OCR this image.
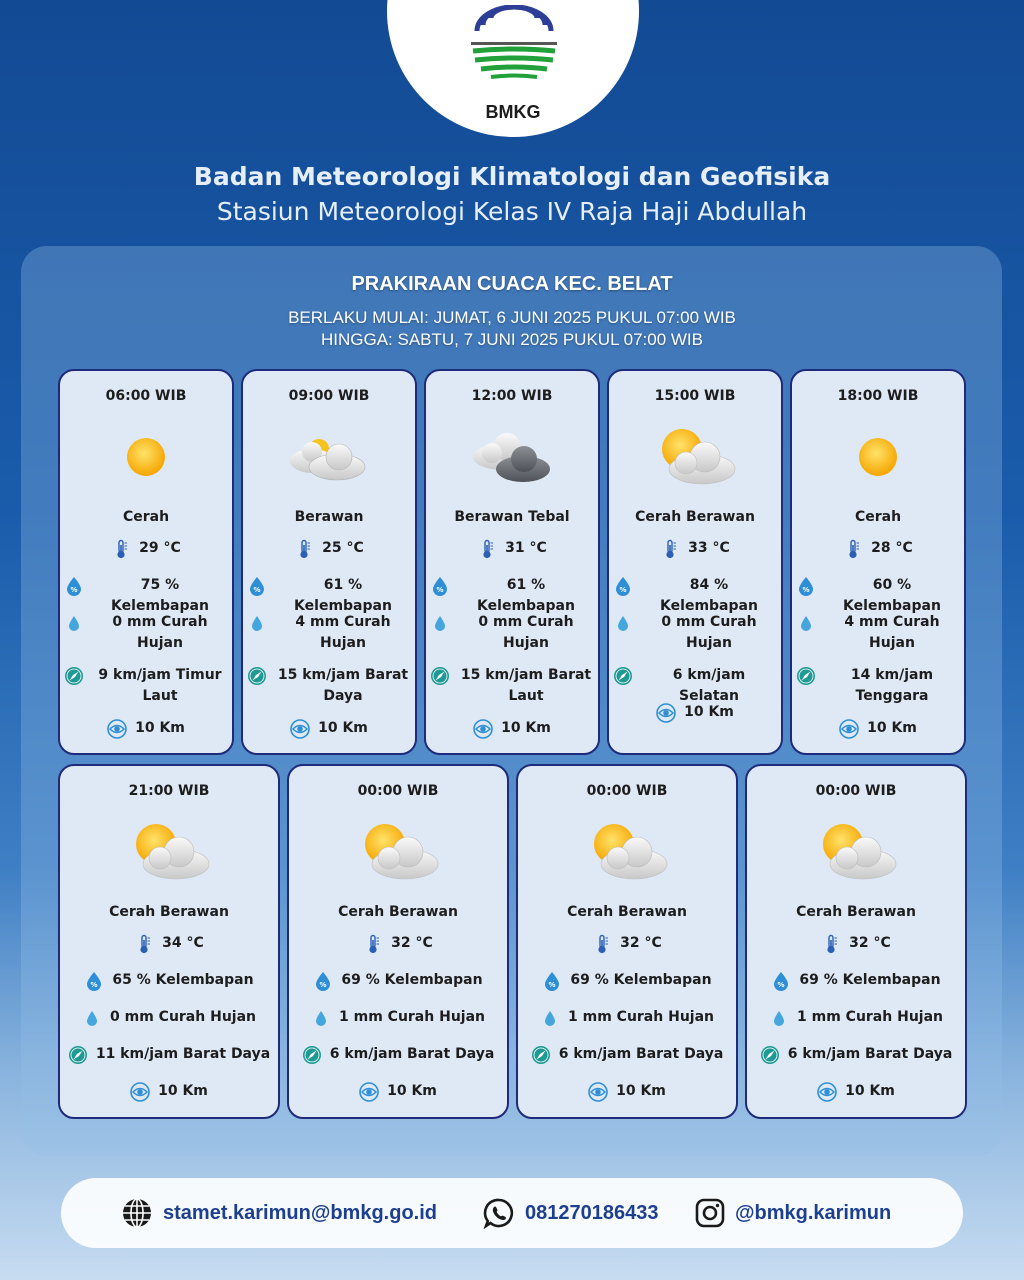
BMKG
Badan Meteorologi Klimatologi dan Geofisika
Stasiun Meteorologi Kelas IV Raja Haji Abdullah
PRAKIRAAN CUACA KEC. BELAT
BERLAKU MULAI: JUMAT, 6 JUNI 2025 PUKUL 07:00 WIB
HINGGA: SABTU, 7 JUNI 2025 PUKUL 07:00 WIB
06:00 WIB
Cerah
29 °C
75 % Kelembapan
0 mm Curah Hujan
9 km/jam Timur Laut
10 Km
09:00 WIB
Berawan
25 °C
61 % Kelembapan
4 mm Curah Hujan
15 km/jam Barat Daya
10 Km
12:00 WIB
Berawan Tebal
31 °C
61 % Kelembapan
0 mm Curah Hujan
15 km/jam Barat Laut
10 Km
15:00 WIB
Cerah Berawan
33 °C
84 % Kelembapan
0 mm Curah Hujan
6 km/jam Selatan
10 Km
18:00 WIB
Cerah
28 °C
60 % Kelembapan
4 mm Curah Hujan
14 km/jam Tenggara
10 Km
21:00 WIB
Cerah Berawan
34 °C
65 % Kelembapan
0 mm Curah Hujan
11 km/jam Barat Daya
10 Km
00:00 WIB
Cerah Berawan
32 °C
69 % Kelembapan
1 mm Curah Hujan
6 km/jam Barat Daya
10 Km
00:00 WIB
Cerah Berawan
32 °C
69 % Kelembapan
1 mm Curah Hujan
6 km/jam Barat Daya
10 Km
00:00 WIB
Cerah Berawan
32 °C
69 % Kelembapan
1 mm Curah Hujan
6 km/jam Barat Daya
10 Km
stamet.karimun@bmkg.go.id	081270186433	@bmkg.karimun
